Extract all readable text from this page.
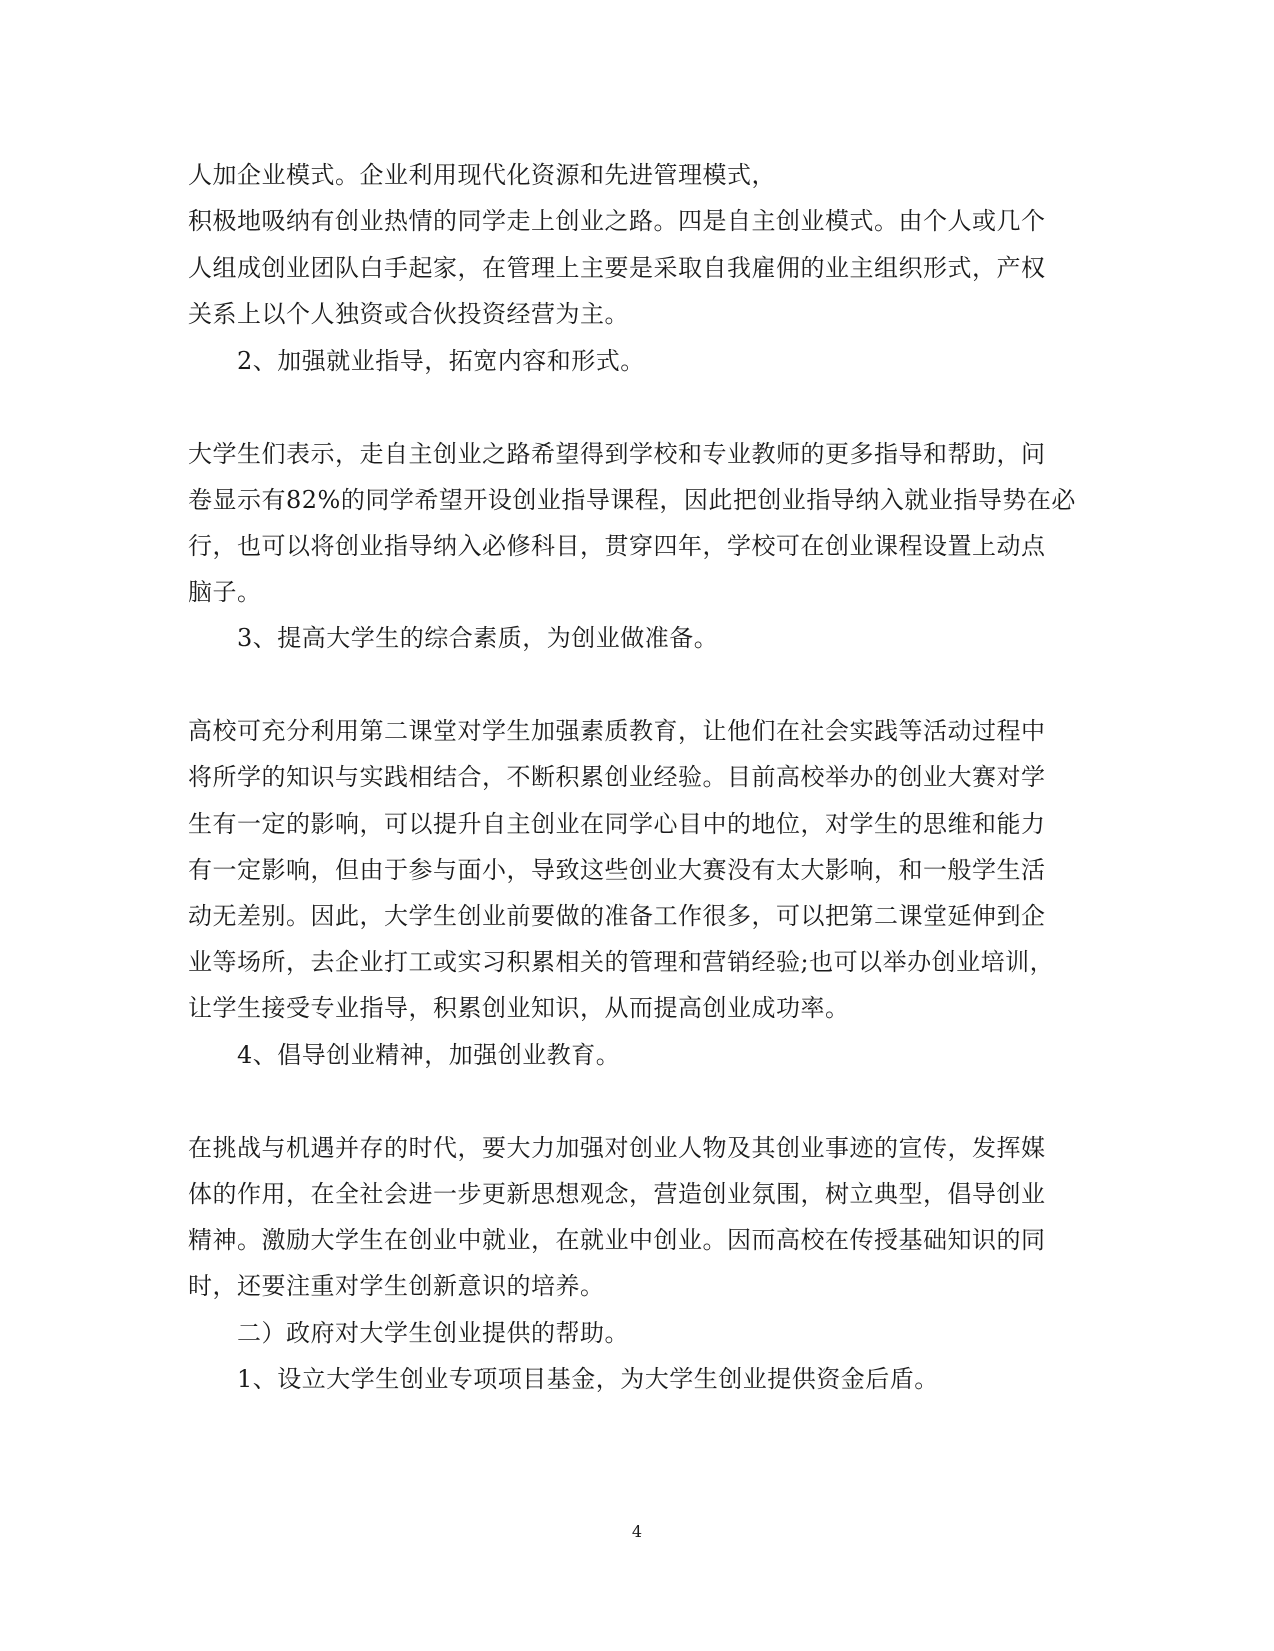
人加企业模式。企业利用现代化资源和先进管理模式，
积极地吸纳有创业热情的同学走上创业之路。四是自主创业模式。由个人或几个
人组成创业团队白手起家，在管理上主要是采取自我雇佣的业主组织形式，产权
关系上以个人独资或合伙投资经营为主。
2、加强就业指导，拓宽内容和形式。
大学生们表示，走自主创业之路希望得到学校和专业教师的更多指导和帮助，问
卷显示有82%的同学希望开设创业指导课程，因此把创业指导纳入就业指导势在必
行，也可以将创业指导纳入必修科目，贯穿四年，学校可在创业课程设置上动点
脑子。
3、提高大学生的综合素质，为创业做准备。
高校可充分利用第二课堂对学生加强素质教育，让他们在社会实践等活动过程中
将所学的知识与实践相结合，不断积累创业经验。目前高校举办的创业大赛对学
生有一定的影响，可以提升自主创业在同学心目中的地位，对学生的思维和能力
有一定影响，但由于参与面小，导致这些创业大赛没有太大影响，和一般学生活
动无差别。因此，大学生创业前要做的准备工作很多，可以把第二课堂延伸到企
业等场所，去企业打工或实习积累相关的管理和营销经验;也可以举办创业培训，
让学生接受专业指导，积累创业知识，从而提高创业成功率。
4、倡导创业精神，加强创业教育。
在挑战与机遇并存的时代，要大力加强对创业人物及其创业事迹的宣传，发挥媒
体的作用，在全社会进一步更新思想观念，营造创业氛围，树立典型，倡导创业
精神。激励大学生在创业中就业，在就业中创业。因而高校在传授基础知识的同
时，还要注重对学生创新意识的培养。
二）政府对大学生创业提供的帮助。
1、设立大学生创业专项项目基金，为大学生创业提供资金后盾。
4
